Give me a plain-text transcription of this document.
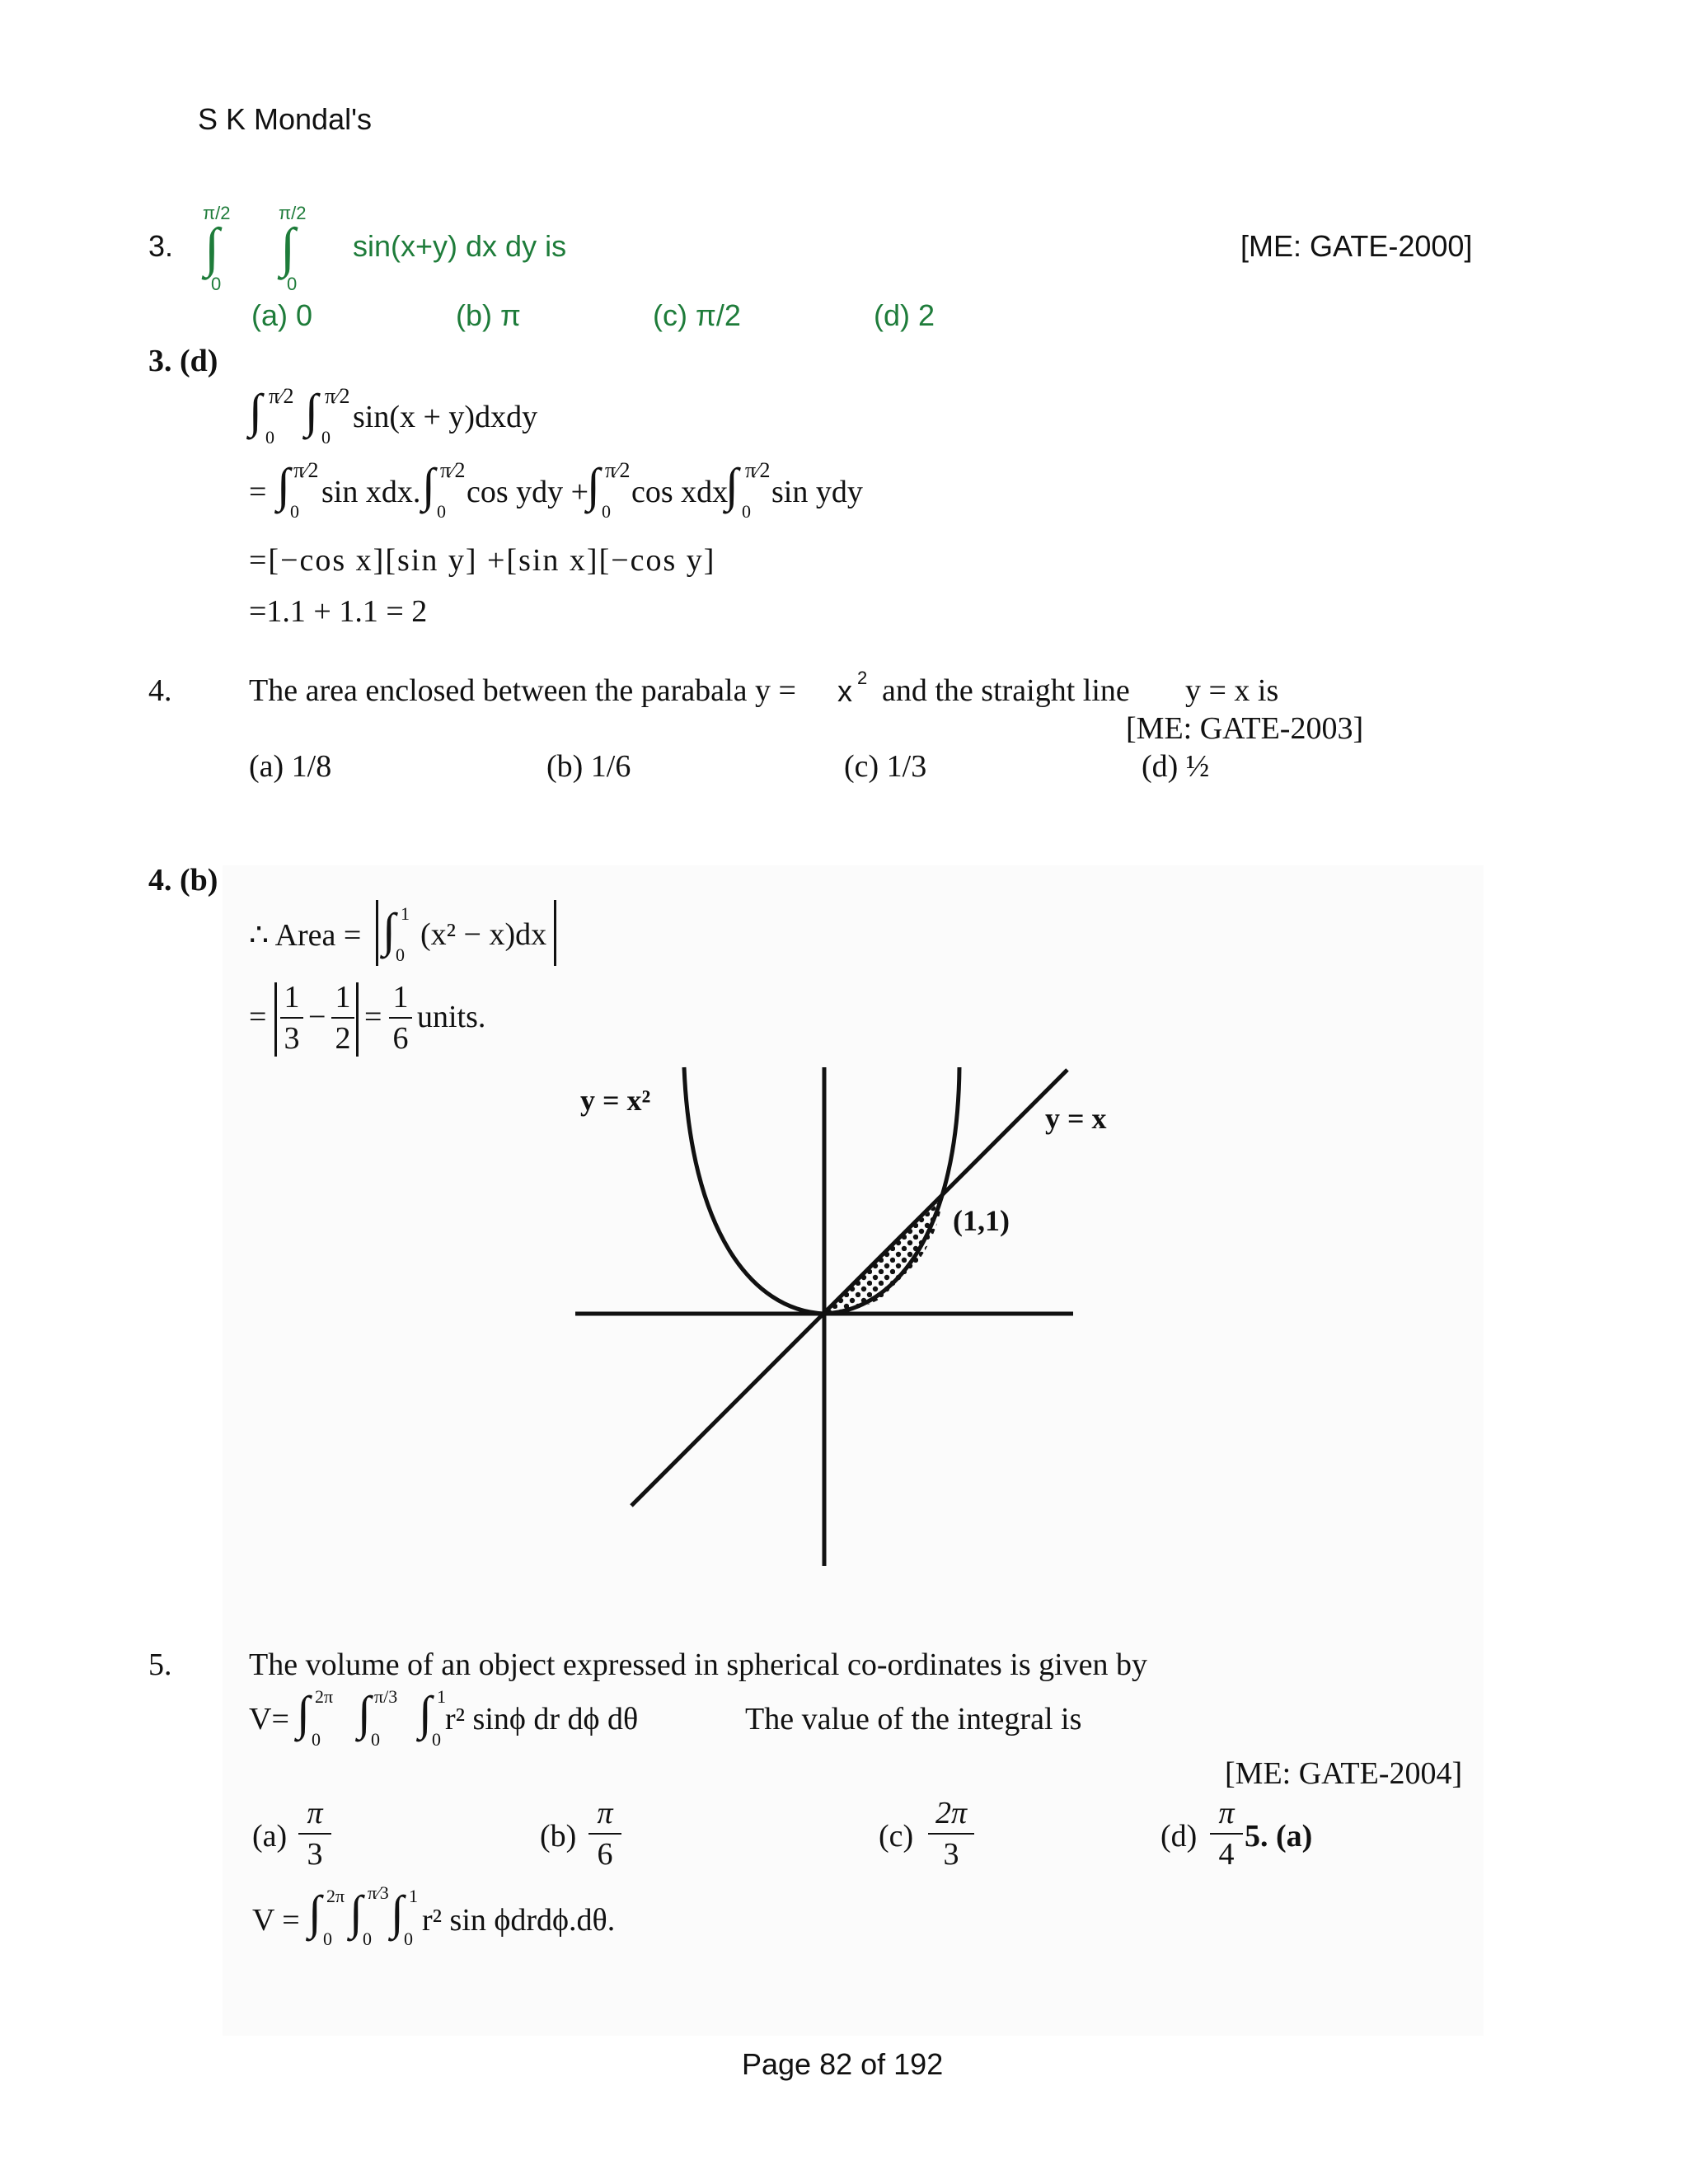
S K Mondal's
3.
π/2
∫
0
π/2
∫
0
sin(x+y) dx dy is	[ME: GATE-2000]
(a) 0	(b) π	(c) π/2	(d) 2
3. (d)
∫ π⁄2
0 ∫ π⁄2
0
sin(x + y)dxdy
= ∫ π⁄2
0
sin xdx. ∫ π⁄2
0
cos ydy +
∫ π⁄2
0
cos xdx
∫ π⁄2
0
sin ydy
=[−cos x][sin y] +[sin x][−cos y]
=1.1 + 1.1 = 2
4. The area enclosed between the parabala y = x 2 and the straight line y = x is
[ME: GATE-2003]
(a) 1/8	(b) 1/6	(c) 1/3	(d) ½
4. (b)
∴ Area = ∫ 1
0
(x² − x)dx
=
1
3
−
1
2
=
1
6
units.
y = x²
y = x
(1,1)
5. The volume of an object expressed in spherical co-ordinates is given by
V= ∫ 2π
0 ∫ π/3
0 ∫ 1
0
r² sinϕ dr dϕ dθ	The value of the integral is
[ME: GATE-2004]
(a)
π
3
(b)
π
6
(c)
2π
3
(d)
π
4
5. (a)
V = ∫ 2π
0 ∫ π⁄3
0 ∫ 1
0
r² sin ϕdrdϕ.dθ.
Page 82 of 192
